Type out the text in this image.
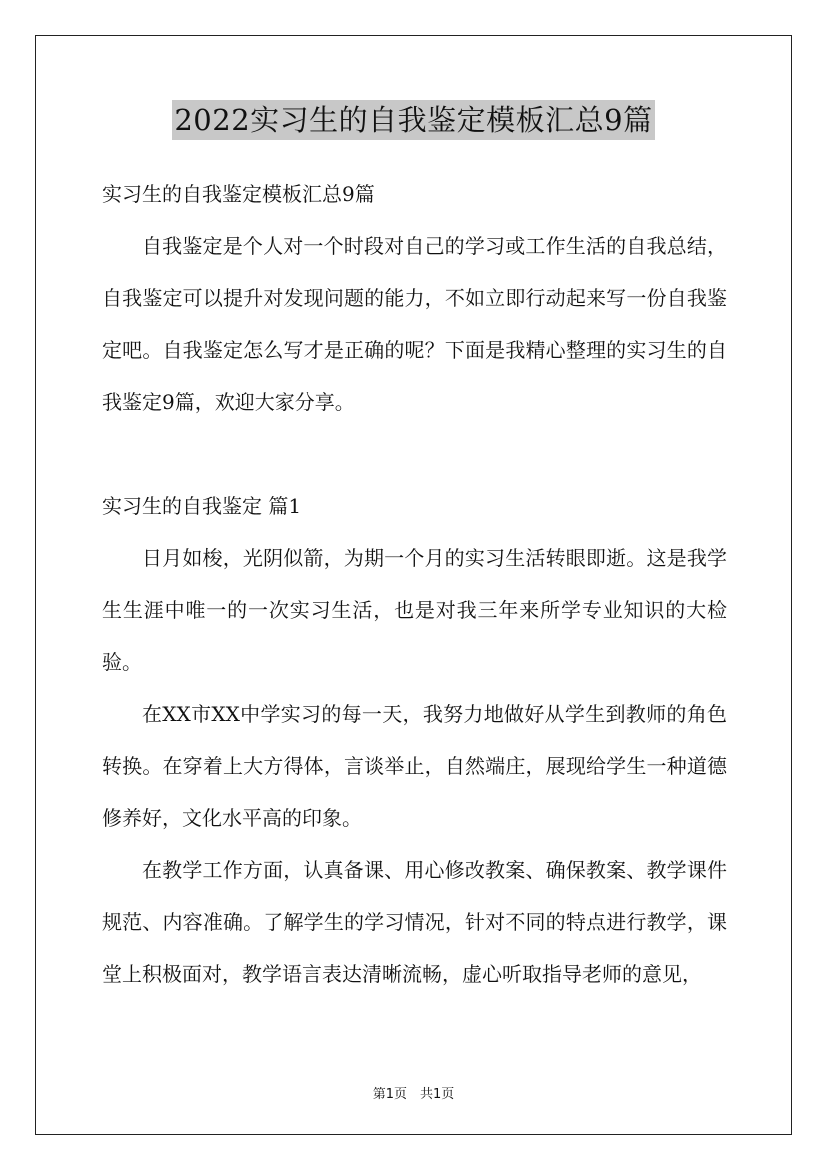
2022实习生的自我鉴定模板汇总9篇

实习生的自我鉴定模板汇总9篇

自我鉴定是个人对一个时段对自己的学习或工作生活的自我总结，自我鉴定可以提升对发现问题的能力，不如立即行动起来写一份自我鉴定吧。自我鉴定怎么写才是正确的呢？下面是我精心整理的实习生的自我鉴定9篇，欢迎大家分享。

实习生的自我鉴定 篇1

日月如梭，光阴似箭，为期一个月的实习生活转眼即逝。这是我学生生涯中唯一的一次实习生活，也是对我三年来所学专业知识的大检验。

在XX市XX中学实习的每一天，我努力地做好从学生到教师的角色转换。在穿着上大方得体，言谈举止，自然端庄，展现给学生一种道德修养好，文化水平高的印象。

在教学工作方面，认真备课、用心修改教案、确保教案、教学课件规范、内容准确。了解学生的学习情况，针对不同的特点进行教学，课堂上积极面对，教学语言表达清晰流畅，虚心听取指导老师的意见，

第1页　共1页
